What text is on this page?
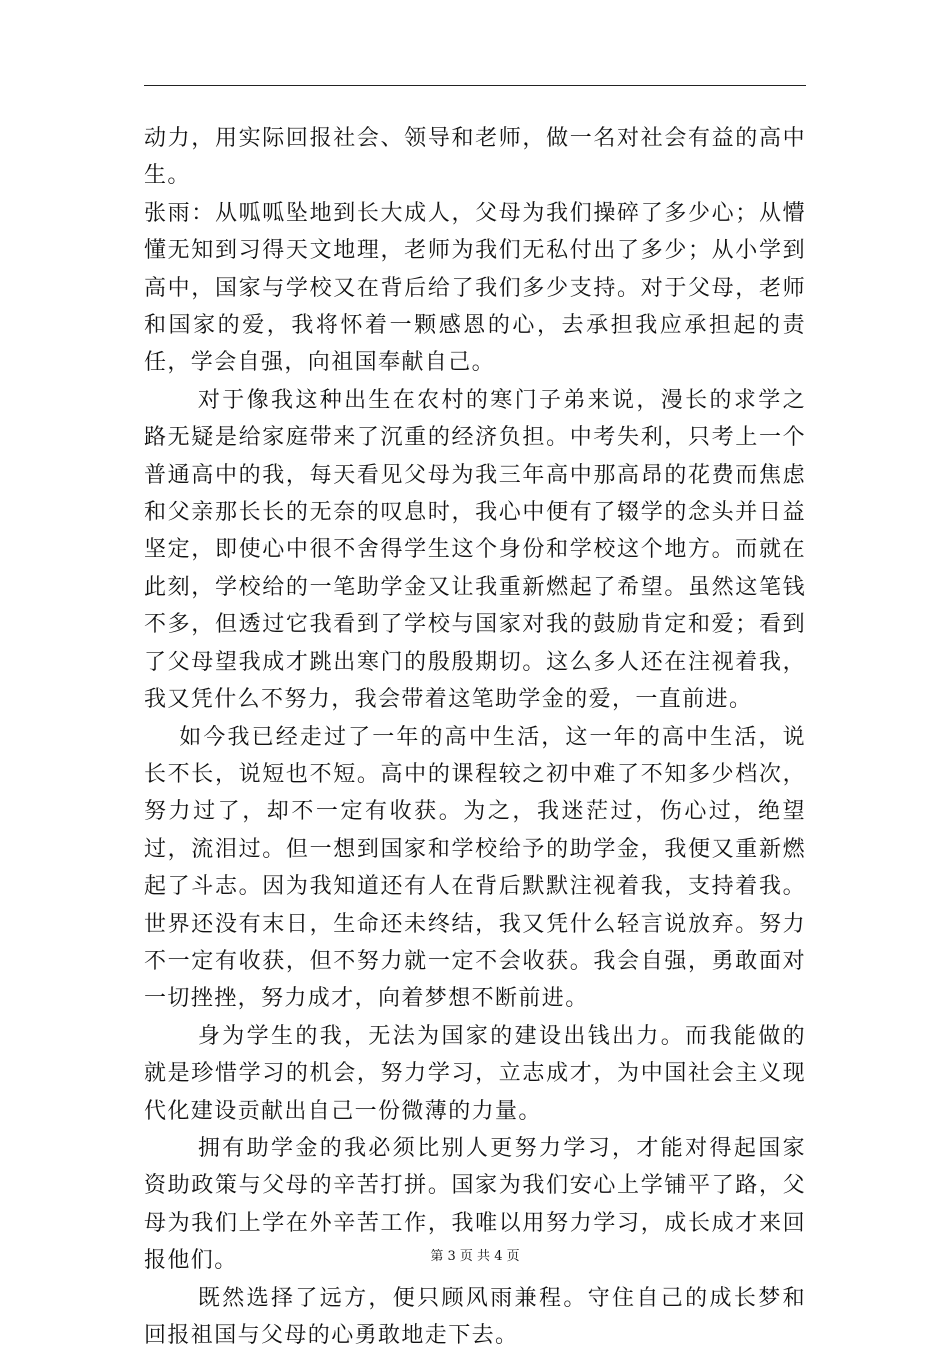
动力，用实际回报社会、领导和老师，做一名对社会有益的高中生。

张雨：从呱呱坠地到长大成人，父母为我们操碎了多少心；从懵懂无知到习得天文地理，老师为我们无私付出了多少；从小学到高中，国家与学校又在背后给了我们多少支持。对于父母，老师和国家的爱，我将怀着一颗感恩的心，去承担我应承担起的责任，学会自强，向祖国奉献自己。

对于像我这种出生在农村的寒门子弟来说，漫长的求学之路无疑是给家庭带来了沉重的经济负担。中考失利，只考上一个普通高中的我，每天看见父母为我三年高中那高昂的花费而焦虑和父亲那长长的无奈的叹息时，我心中便有了辍学的念头并日益坚定，即使心中很不舍得学生这个身份和学校这个地方。而就在此刻，学校给的一笔助学金又让我重新燃起了希望。虽然这笔钱不多，但透过它我看到了学校与国家对我的鼓励肯定和爱；看到了父母望我成才跳出寒门的殷殷期切。这么多人还在注视着我，我又凭什么不努力，我会带着这笔助学金的爱，一直前进。

如今我已经走过了一年的高中生活，这一年的高中生活，说长不长，说短也不短。高中的课程较之初中难了不知多少档次，努力过了，却不一定有收获。为之，我迷茫过，伤心过，绝望过，流泪过。但一想到国家和学校给予的助学金，我便又重新燃起了斗志。因为我知道还有人在背后默默注视着我，支持着我。世界还没有末日，生命还未终结，我又凭什么轻言说放弃。努力不一定有收获，但不努力就一定不会收获。我会自强，勇敢面对一切挫挫，努力成才，向着梦想不断前进。

身为学生的我，无法为国家的建设出钱出力。而我能做的就是珍惜学习的机会，努力学习，立志成才，为中国社会主义现代化建设贡献出自己一份微薄的力量。

拥有助学金的我必须比别人更努力学习，才能对得起国家资助政策与父母的辛苦打拼。国家为我们安心上学铺平了路，父母为我们上学在外辛苦工作，我唯以用努力学习，成长成才来回报他们。

既然选择了远方，便只顾风雨兼程。守住自己的成长梦和回报祖国与父母的心勇敢地走下去。

第 3 页 共 4 页
